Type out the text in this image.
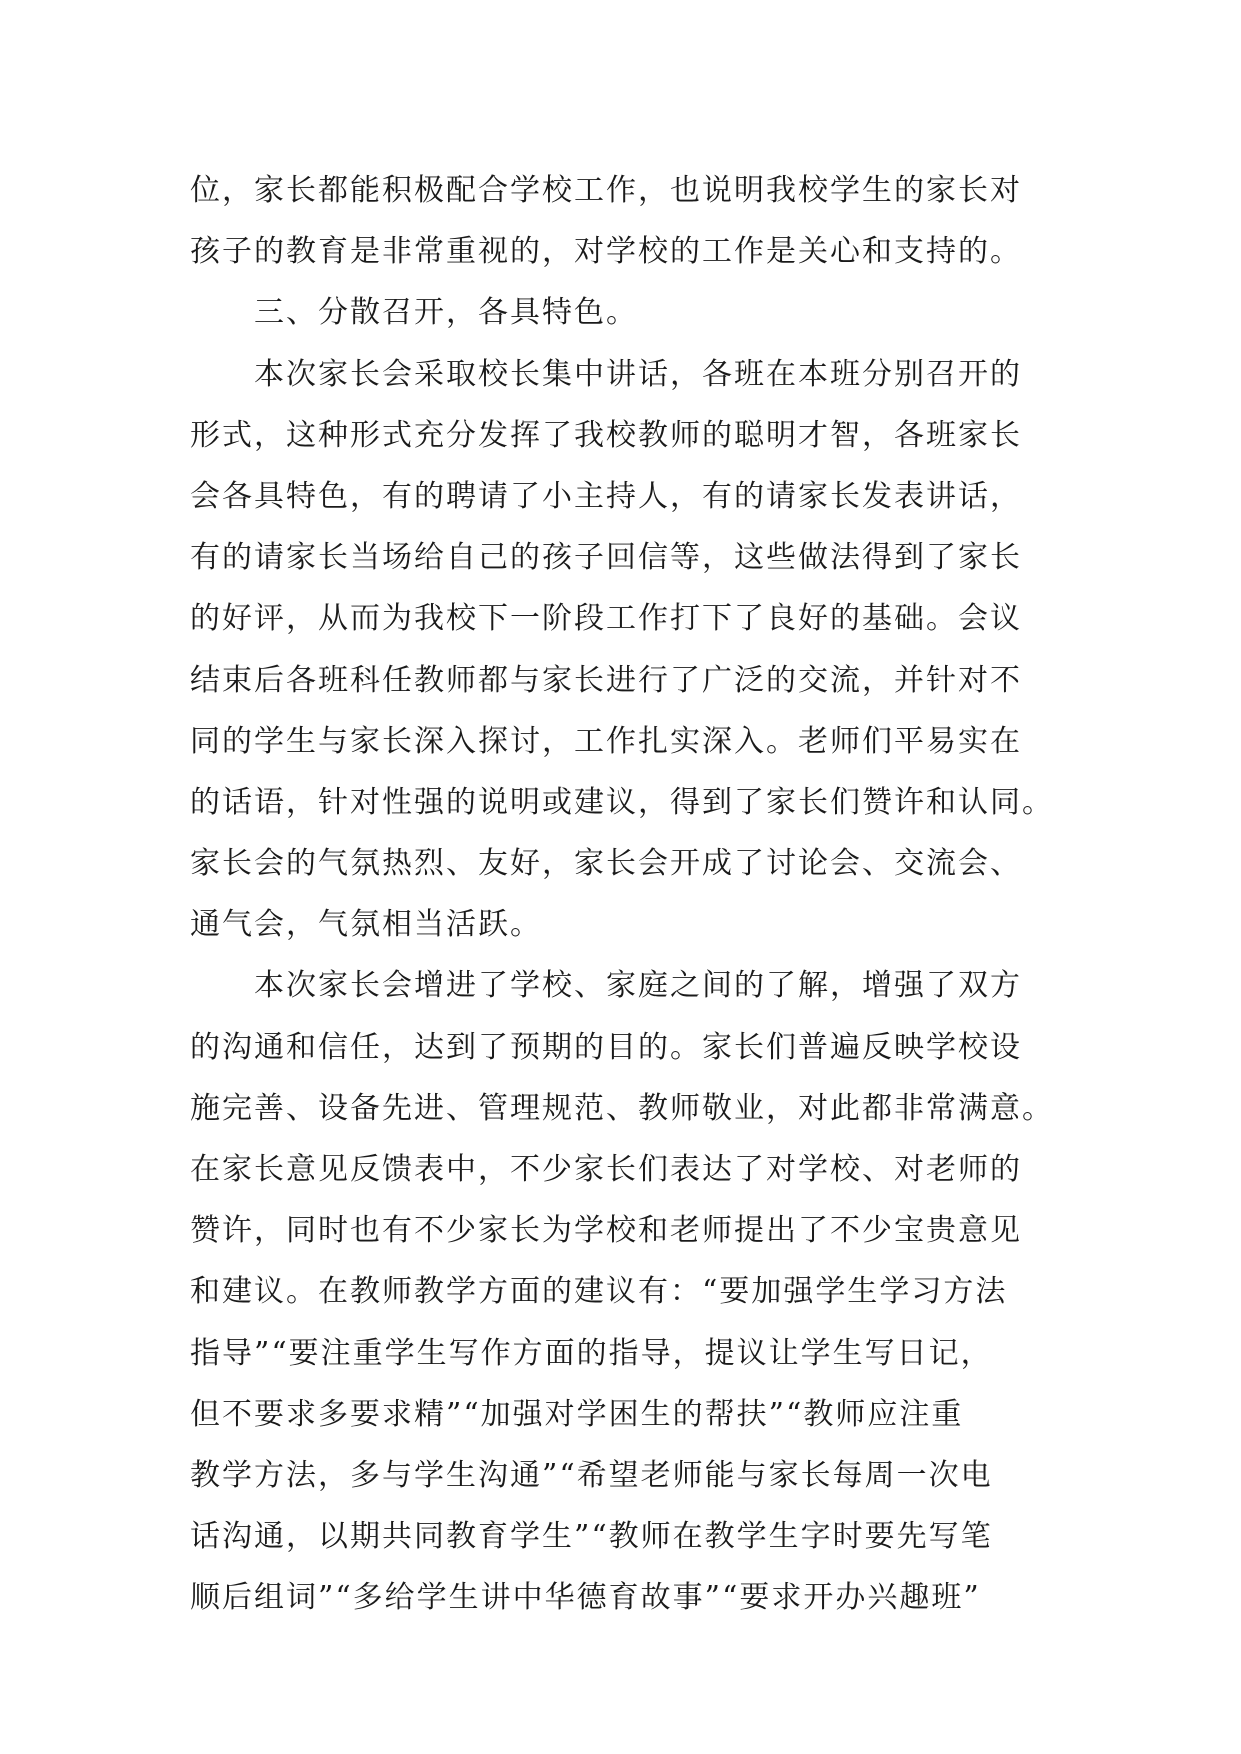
位，家长都能积极配合学校工作，也说明我校学生的家长对
孩子的教育是非常重视的，对学校的工作是关心和支持的。
三、分散召开，各具特色。
本次家长会采取校长集中讲话，各班在本班分别召开的
形式，这种形式充分发挥了我校教师的聪明才智，各班家长
会各具特色，有的聘请了小主持人，有的请家长发表讲话，
有的请家长当场给自己的孩子回信等，这些做法得到了家长
的好评，从而为我校下一阶段工作打下了良好的基础。会议
结束后各班科任教师都与家长进行了广泛的交流，并针对不
同的学生与家长深入探讨，工作扎实深入。老师们平易实在
的话语，针对性强的说明或建议，得到了家长们赞许和认同。
家长会的气氛热烈、友好，家长会开成了讨论会、交流会、
通气会，气氛相当活跃。
本次家长会增进了学校、家庭之间的了解，增强了双方
的沟通和信任，达到了预期的目的。家长们普遍反映学校设
施完善、设备先进、管理规范、教师敬业，对此都非常满意。
在家长意见反馈表中，不少家长们表达了对学校、对老师的
赞许，同时也有不少家长为学校和老师提出了不少宝贵意见
和建议。在教师教学方面的建议有：“要加强学生学习方法
指导”“要注重学生写作方面的指导，提议让学生写日记，
但不要求多要求精”“加强对学困生的帮扶”“教师应注重
教学方法，多与学生沟通”“希望老师能与家长每周一次电
话沟通，以期共同教育学生”“教师在教学生字时要先写笔
顺后组词”“多给学生讲中华德育故事”“要求开办兴趣班”
